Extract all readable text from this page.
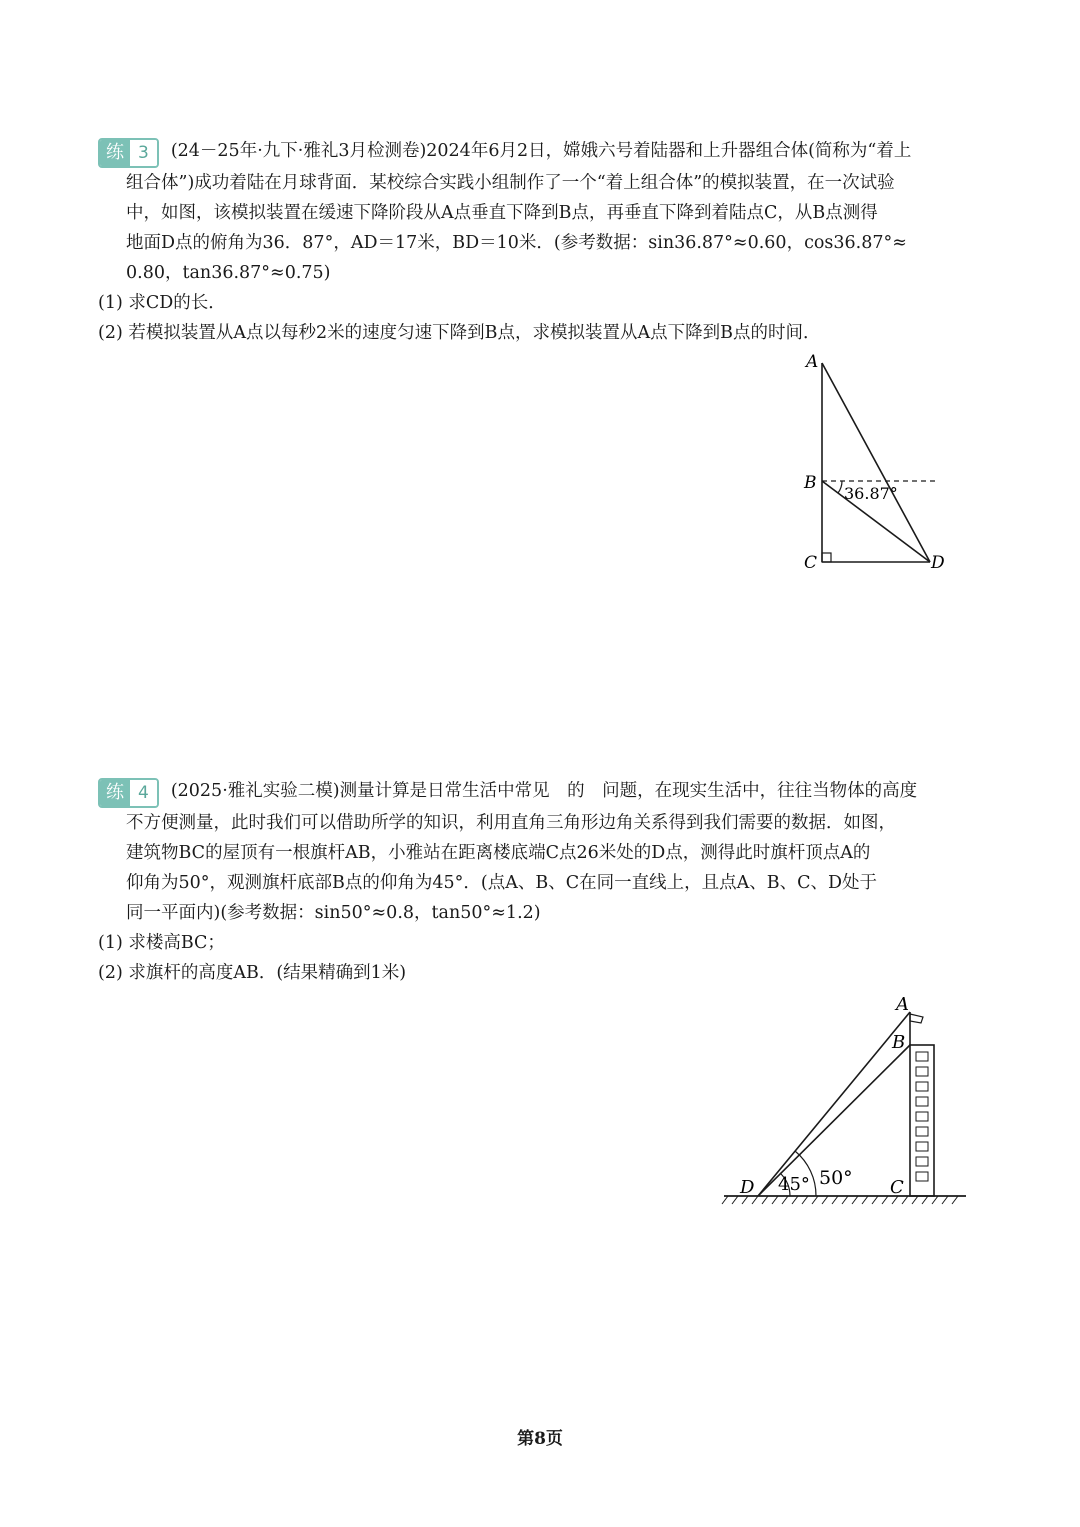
练 3	(24－25年·九下·雅礼3月检测卷)2024年6月2日，嫦娥六号着陆器和上升器组合体(简称为“着上
组合体”)成功着陆在月球背面．某校综合实践小组制作了一个“着上组合体”的模拟装置，在一次试验
中，如图，该模拟装置在缓速下降阶段从A点垂直下降到B点，再垂直下降到着陆点C，从B点测得
地面D点的俯角为36．87°，AD＝17米，BD＝10米．(参考数据：sin36.87°≈0.60，cos36.87°≈
0.80，tan36.87°≈0.75)
(1) 求CD的长．
(2) 若模拟装置从A点以每秒2米的速度匀速下降到B点，求模拟装置从A点下降到B点的时间．
A
B
C	D
36.87°
练 4	(2025·雅礼实验二模)测量计算是日常生活中常见　的　问题，在现实生活中，往往当物体的高度
不方便测量，此时我们可以借助所学的知识，利用直角三角形边角关系得到我们需要的数据．如图，
建筑物BC的屋顶有一根旗杆AB，小雅站在距离楼底端C点26米处的D点，测得此时旗杆顶点A的
仰角为50°，观测旗杆底部B点的仰角为45°．(点A、B、C在同一直线上，且点A、B、C、D处于
同一平面内)(参考数据：sin50°≈0.8，tan50°≈1.2)
(1) 求楼高BC；
(2) 求旗杆的高度AB．(结果精确到1米)
A
B
C
D 45° 50°
第8页
